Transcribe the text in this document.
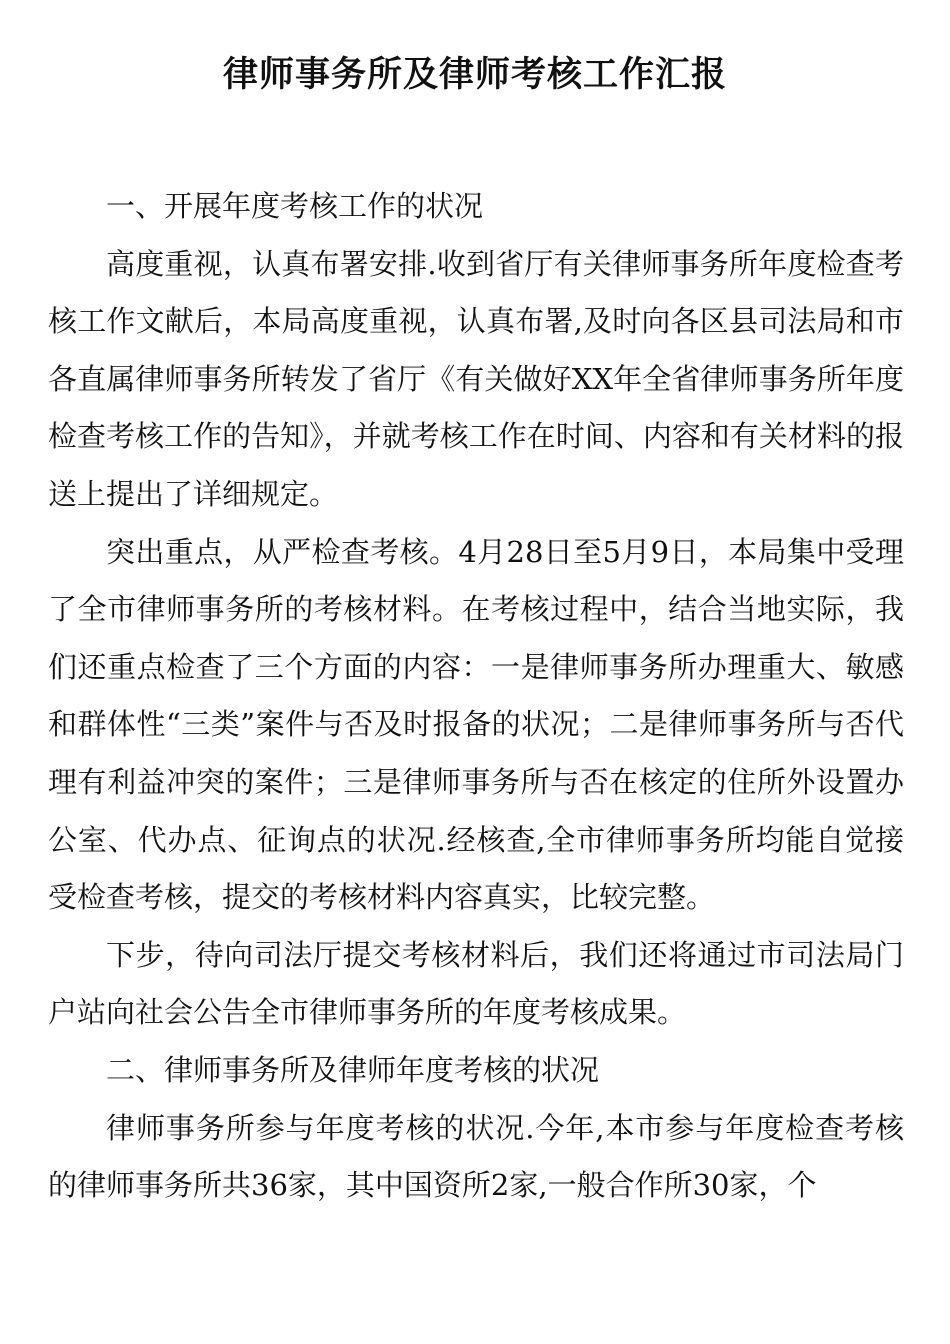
律师事务所及律师考核工作汇报

一、开展年度考核工作的状况

高度重视，认真布署安排.收到省厅有关律师事务所年度检查考核工作文献后，本局高度重视，认真布署,及时向各区县司法局和市各直属律师事务所转发了省厅《有关做好XX年全省律师事务所年度检查考核工作的告知》，并就考核工作在时间、内容和有关材料的报送上提出了详细规定。

突出重点，从严检查考核。4月28日至5月9日，本局集中受理了全市律师事务所的考核材料。在考核过程中，结合当地实际，我们还重点检查了三个方面的内容：一是律师事务所办理重大、敏感和群体性“三类”案件与否及时报备的状况；二是律师事务所与否代理有利益冲突的案件；三是律师事务所与否在核定的住所外设置办公室、代办点、征询点的状况.经核查,全市律师事务所均能自觉接受检查考核，提交的考核材料内容真实，比较完整。

下步，待向司法厅提交考核材料后，我们还将通过市司法局门户站向社会公告全市律师事务所的年度考核成果。

二、律师事务所及律师年度考核的状况

律师事务所参与年度考核的状况.今年,本市参与年度检查考核的律师事务所共36家，其中国资所2家,一般合作所30家，个
